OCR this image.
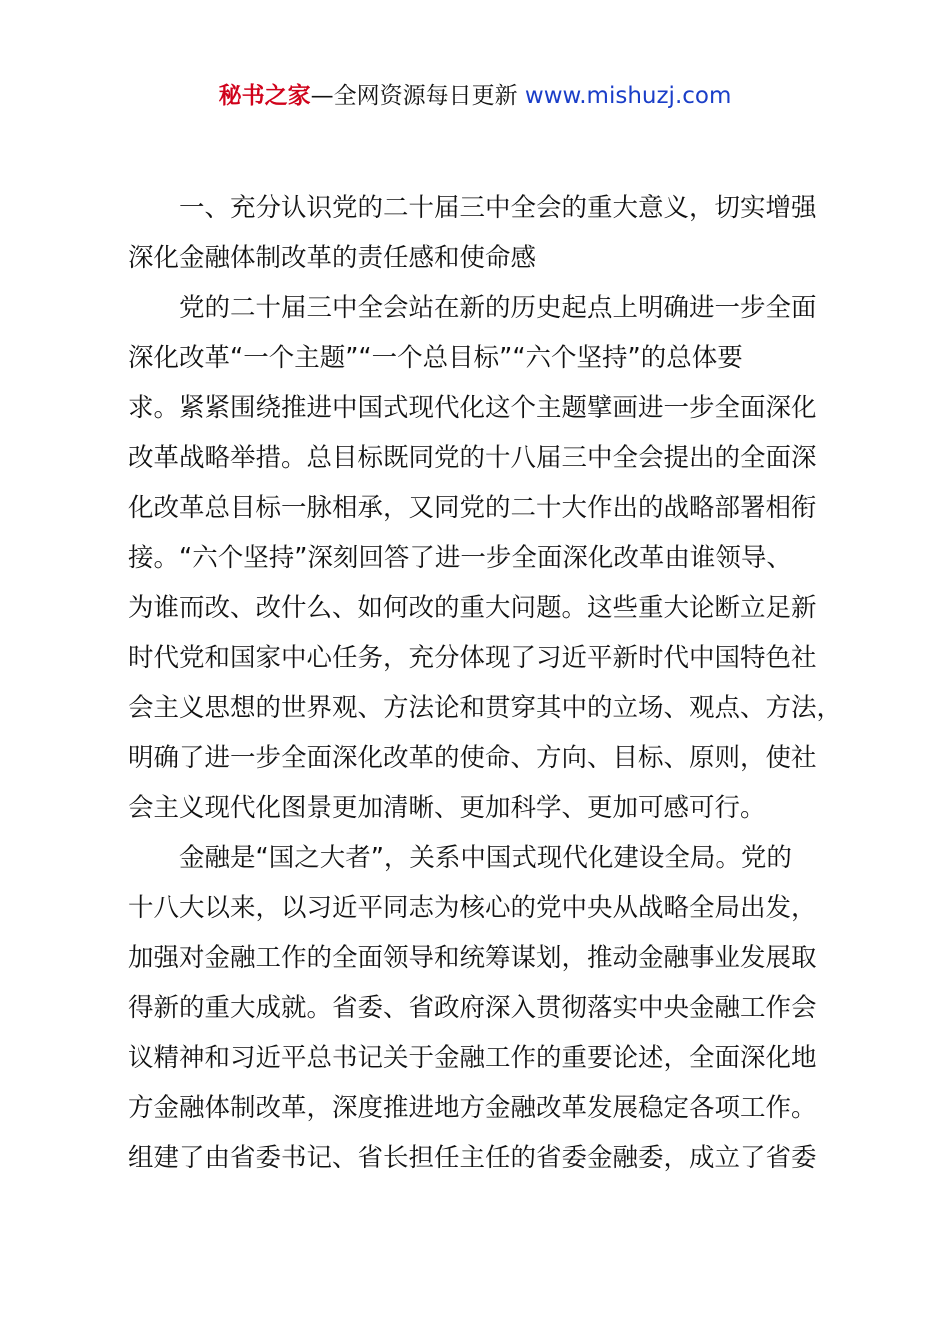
秘书之家—全网资源每日更新 www.mishuzj.com
一、充分认识党的二十届三中全会的重大意义，切实增强
深化金融体制改革的责任感和使命感
党的二十届三中全会站在新的历史起点上明确进一步全面
深化改革“一个主题”“一个总目标”“六个坚持”的总体要
求。紧紧围绕推进中国式现代化这个主题擘画进一步全面深化
改革战略举措。总目标既同党的十八届三中全会提出的全面深
化改革总目标一脉相承，又同党的二十大作出的战略部署相衔
接。“六个坚持”深刻回答了进一步全面深化改革由谁领导、
为谁而改、改什么、如何改的重大问题。这些重大论断立足新
时代党和国家中心任务，充分体现了习近平新时代中国特色社
会主义思想的世界观、方法论和贯穿其中的立场、观点、方法，
明确了进一步全面深化改革的使命、方向、目标、原则，使社
会主义现代化图景更加清晰、更加科学、更加可感可行。
金融是“国之大者”，关系中国式现代化建设全局。党的
十八大以来，以习近平同志为核心的党中央从战略全局出发，
加强对金融工作的全面领导和统筹谋划，推动金融事业发展取
得新的重大成就。省委、省政府深入贯彻落实中央金融工作会
议精神和习近平总书记关于金融工作的重要论述，全面深化地
方金融体制改革，深度推进地方金融改革发展稳定各项工作。
组建了由省委书记、省长担任主任的省委金融委，成立了省委
